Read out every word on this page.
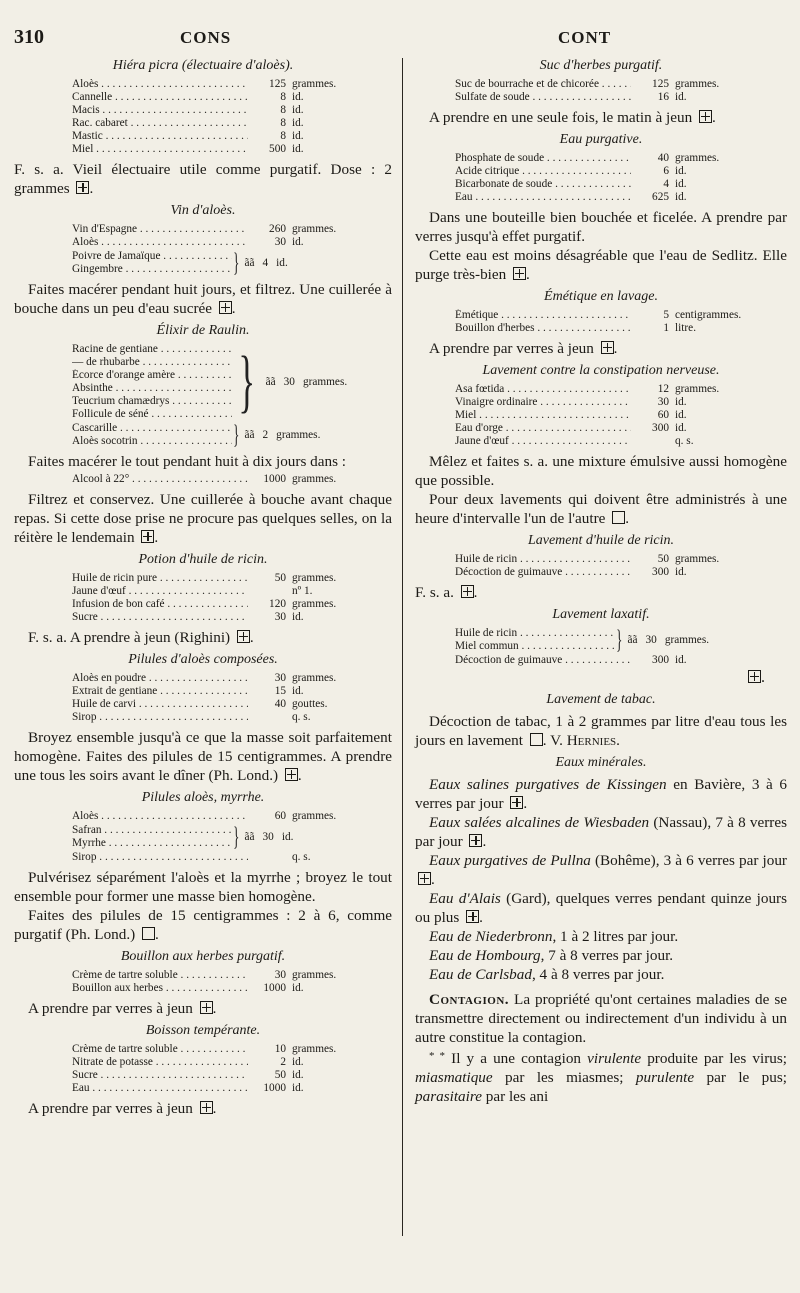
310	CONS	CONT
Hiéra picra (électuaire d'aloès).
Aloès . . .	125 grammes.
Cannelle . . .	8 id.
Macis . . .	8 id.
Rac. cabaret . . .	8 id.
Mastic . . .	8 id.
Miel . . .	500 id.

F. s. a. Vieil électuaire utile comme purgatif. Dose : 2 grammes .

Vin d'aloès.
Vin d'Espagne . . .	260 grammes.
Aloès . . .	30 id.
Poivre de Jamaïque . . .
Gingembre . . .	} ãã 4 id.

Faites macérer pendant huit jours, et filtrez. Une cuillerée à bouche dans un peu d'eau sucrée .

Élixir de Raulin.
Racine de gentiane . . .
— de rhubarbe . . .
Écorce d'orange amère . . .
Absinthe . . .
Teucrium chamædrys . . .
Follicule de séné . . .	} ãã 30 grammes.
Cascarille . . .
Aloès socotrin . . .	} ãã 2 grammes.

Faites macérer le tout pendant huit à dix jours dans :

Alcool à 22° . . .	1000 grammes.

Filtrez et conservez. Une cuillerée à bouche avant chaque repas. Si cette dose prise ne procure pas quelques selles, on la réitère le lendemain .

Potion d'huile de ricin.
Huile de ricin pure . . .	50 grammes.
Jaune d'œuf . . .	nº 1.
Infusion de bon café . . .	120 grammes.
Sucre . . .	30 id.

F. s. a. A prendre à jeun (Righini) .

Pilules d'aloès composées.
Aloès en poudre . . .	30 grammes.
Extrait de gentiane . . .	15 id.
Huile de carvi . . .	40 gouttes.
Sirop . . .	q. s.

Broyez ensemble jusqu'à ce que la masse soit parfaitement homogène. Faites des pilules de 15 centigrammes. A prendre une tous les soirs avant le dîner (Ph. Lond.) .

Pilules aloès, myrrhe.
Aloès . . .	60 grammes.
Safran . . .
Myrrhe . . .	} ãã 30 id.
Sirop . . .	q. s.

Pulvérisez séparément l'aloès et la myrrhe ; broyez le tout ensemble pour former une masse bien homogène.

Faites des pilules de 15 centigrammes : 2 à 6, comme purgatif (Ph. Lond.) .

Bouillon aux herbes purgatif.
Crème de tartre soluble . . .	30 grammes.
Bouillon aux herbes . . .	1000 id.

A prendre par verres à jeun .

Boisson tempérante.
Crème de tartre soluble . . .	10 grammes.
Nitrate de potasse . . .	2 id.
Sucre . . .	50 id.
Eau . . .	1000 id.

A prendre par verres à jeun .

Suc d'herbes purgatif.
Suc de bourrache et de chicorée . . .	125 grammes.
Sulfate de soude . . .	16 id.

A prendre en une seule fois, le matin à jeun .

Eau purgative.
Phosphate de soude . . .	40 grammes.
Acide citrique . . .	6 id.
Bicarbonate de soude . . .	4 id.
Eau . . .	625 id.

Dans une bouteille bien bouchée et ficelée. A prendre par verres jusqu'à effet purgatif.

Cette eau est moins désagréable que l'eau de Sedlitz. Elle purge très-bien .

Émétique en lavage.
Émétique . . .	5 centigrammes.
Bouillon d'herbes . . .	1 litre.

A prendre par verres à jeun .

Lavement contre la constipation nerveuse.
Asa fœtida . . .	12 grammes.
Vinaigre ordinaire . . .	30 id.
Miel . . .	60 id.
Eau d'orge . . .	300 id.
Jaune d'œuf . . .	q. s.

Mêlez et faites s. a. une mixture émulsive aussi homogène que possible.

Pour deux lavements qui doivent être administrés à une heure d'intervalle l'un de l'autre .

Lavement d'huile de ricin.
Huile de ricin . . .	50 grammes.
Décoction de guimauve . . .	300 id.

F. s. a. .

Lavement laxatif.
Huile de ricin . . .
Miel commun . . .	} ãã 30 grammes.
Décoction de guimauve . . .	300 id.
.
Lavement de tabac.

Décoction de tabac, 1 à 2 grammes par litre d'eau tous les jours en lavement . V. Hernies.

Eaux minérales.

Eaux salines purgatives de Kissingen en Bavière, 3 à 6 verres par jour .

Eaux salées alcalines de Wiesbaden (Nassau), 7 à 8 verres par jour .

Eaux purgatives de Pullna (Bohême), 3 à 6 verres par jour .

Eau d'Alais (Gard), quelques verres pendant quinze jours ou plus .

Eau de Niederbronn, 1 à 2 litres par jour.

Eau de Hombourg, 7 à 8 verres par jour.

Eau de Carlsbad, 4 à 8 verres par jour.

Contagion. La propriété qu'ont certaines maladies de se transmettre directement ou indirectement d'un individu à un autre constitue la contagion.

* * Il y a une contagion virulente produite par les virus; miasmatique par les miasmes; purulente par le pus; parasitaire par les ani
